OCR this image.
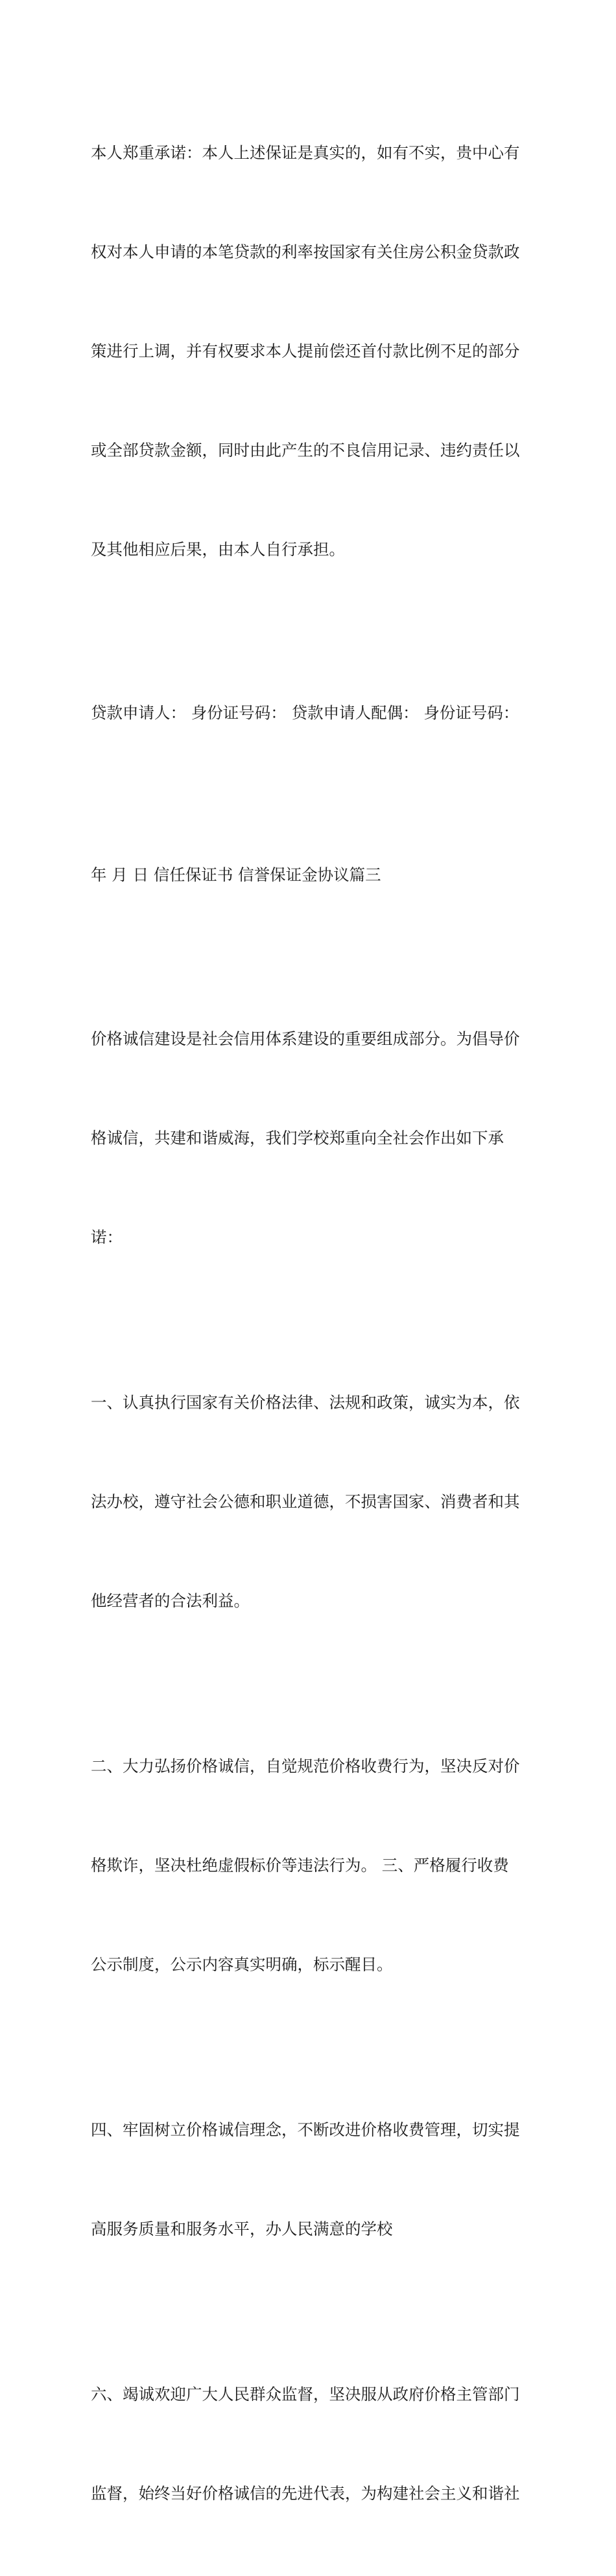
本人郑重承诺：本人上述保证是真实的，如有不实，贵中心有

权对本人申请的本笔贷款的利率按国家有关住房公积金贷款政

策进行上调，并有权要求本人提前偿还首付款比例不足的部分

或全部贷款金额，同时由此产生的不良信用记录、违约责任以

及其他相应后果，由本人自行承担。

贷款申请人： 身份证号码： 贷款申请人配偶： 身份证号码：

年 月 日 信任保证书 信誉保证金协议篇三

价格诚信建设是社会信用体系建设的重要组成部分。为倡导价

格诚信，共建和谐威海，我们学校郑重向全社会作出如下承

诺：

一、认真执行国家有关价格法律、法规和政策，诚实为本，依

法办校，遵守社会公德和职业道德，不损害国家、消费者和其

他经营者的合法利益。

二、大力弘扬价格诚信，自觉规范价格收费行为，坚决反对价

格欺诈，坚决杜绝虚假标价等违法行为。 三、严格履行收费

公示制度，公示内容真实明确，标示醒目。

四、牢固树立价格诚信理念，不断改进价格收费管理，切实提

高服务质量和服务水平，办人民满意的学校

六、竭诚欢迎广大人民群众监督，坚决服从政府价格主管部门

监督，始终当好价格诚信的先进代表，为构建社会主义和谐社
